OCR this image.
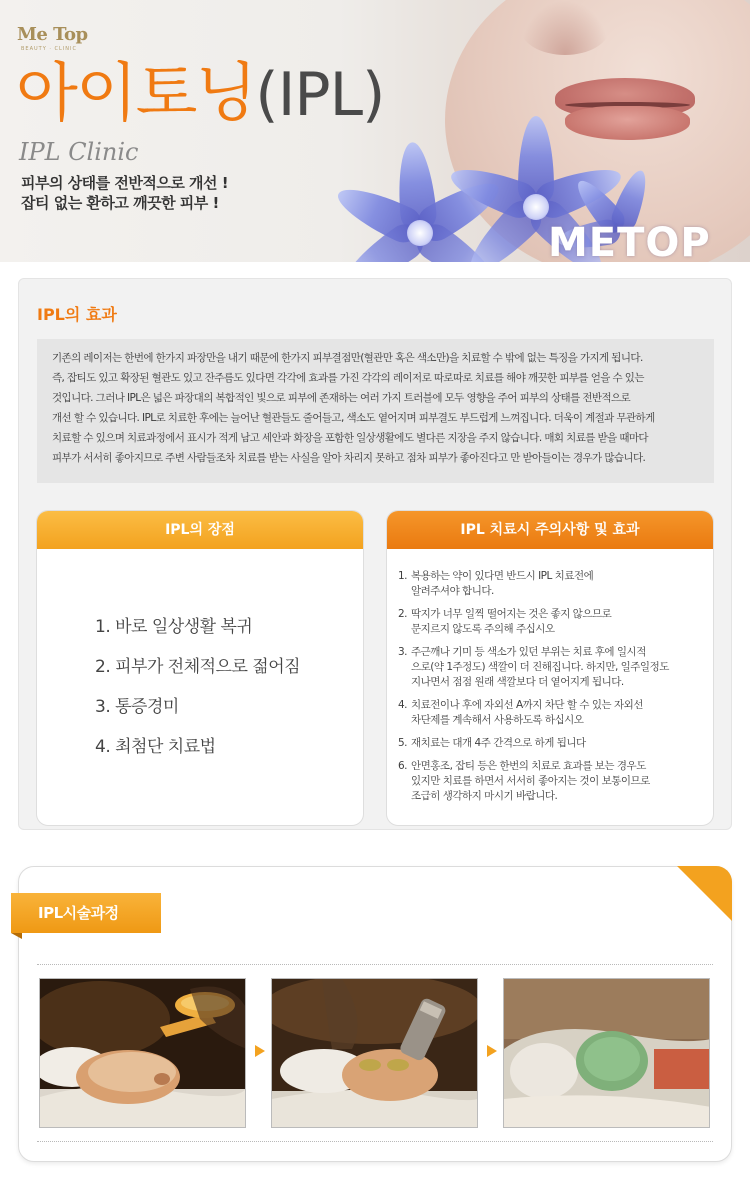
Me Top
BEAUTY · CLINIC
아이토닝(IPL)
IPL Clinic
피부의 상태를 전반적으로 개선 !
잡티 없는 환하고 깨끗한 피부 !
METOP
IPL의 효과
기존의 레이저는 한번에 한가지 파장만을 내기 때문에 한가지 피부결점만(혈관만 혹은 색소만)을 치료할 수 밖에 없는 특징을 가지게 됩니다.
즉, 잡티도 있고 확장된 혈관도 있고 잔주름도 있다면 각각에 효과를 가진 각각의 레이저로 따로따로 치료를 해야 깨끗한 피부를 얻을 수 있는
것입니다. 그러나 IPL은 넓은 파장대의 복합적인 빛으로 피부에 존재하는 여러 가지 트러블에 모두 영향을 주어 피부의 상태를 전반적으로
개선 할 수 있습니다. IPL로 치료한 후에는 늘어난 혈관들도 줄어들고, 색소도 옅어지며 피부결도 부드럽게 느껴집니다. 더욱이 계절과 무관하게
치료할 수 있으며 치료과정에서 표시가 적게 남고 세안과 화장을 포함한 일상생활에도 별다른 지장을 주지 않습니다. 매회 치료를 받을 때마다
피부가 서서히 좋아지므로 주변 사람들조차 치료를 받는 사실을 알아 차리지 못하고 점차 피부가 좋아진다고 만 받아들이는 경우가 많습니다.
IPL의 장점
1. 바로 일상생활 복귀
2. 피부가 전체적으로 젊어짐
3. 통증경미
4. 최첨단 치료법
IPL 치료시 주의사항 및 효과
1. 복용하는 약이 있다면 반드시 IPL 치료전에
알려주셔야 합니다.
2. 딱지가 너무 일찍 떨어지는 것은 좋지 않으므로
문지르지 않도록 주의해 주십시오
3. 주근깨나 기미 등 색소가 있던 부위는 치료 후에 일시적
으로(약 1주정도) 색깔이 더 진해집니다. 하지만, 일주일정도
지나면서 점점 원래 색깔보다 더 옅어지게 됩니다.
4. 치료전이나 후에 자외선 A까지 차단 할 수 있는 자외선
차단제를 계속해서 사용하도록 하십시오
5. 재치료는 대개 4주 간격으로 하게 됩니다
6. 안면홍조, 잡티 등은 한번의 치료로 효과를 보는 경우도
있지만 치료를 하면서 서서히 좋아지는 것이 보통이므로
조급히 생각하지 마시기 바랍니다.
IPL시술과정
